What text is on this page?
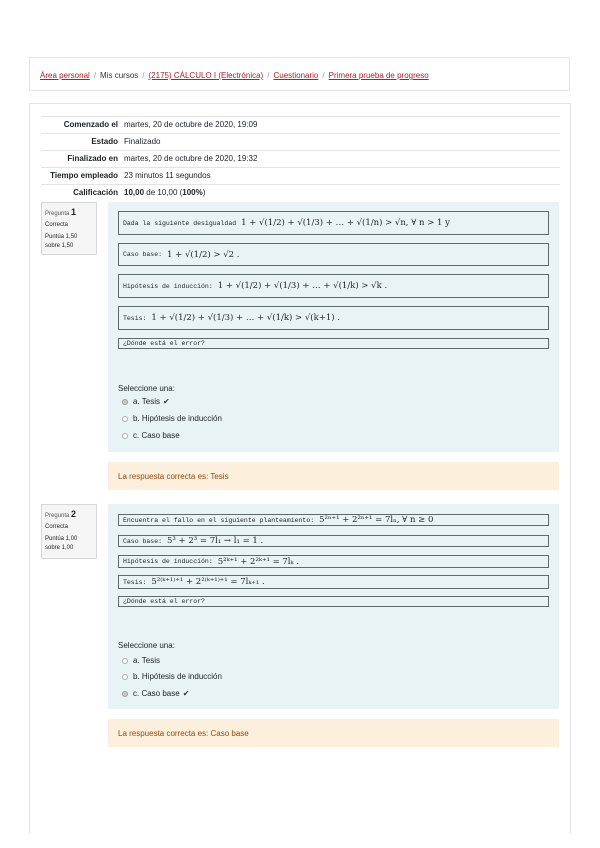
Área personal / Mis cursos / (2175) CÁLCULO I (Electrónica) / Cuestionario / Primera prueba de progreso
Comenzado el martes, 20 de octubre de 2020, 19:09
Estado Finalizado
Finalizado en martes, 20 de octubre de 2020, 19:32
Tiempo empleado 23 minutos 11 segundos
Calificación 10,00 de 10,00 (100%)
Pregunta 1
Correcta
Puntúa 1,50 sobre 1,50
Dada la siguiente desigualdad 1 + √(1/2) + √(1/3) + … + √(1/n) > √n, ∀ n > 1 y
Caso base: 1 + √(1/2) > √2 .
Hipótesis de inducción: 1 + √(1/2) + √(1/3) + … + √(1/k) > √k .
Tesis: 1 + √(1/2) + √(1/3) + … + √(1/k) > √(k+1) .
¿Dónde está el error?
Seleccione una:
a. Tesis ✔
b. Hipótesis de inducción
c. Caso base
La respuesta correcta es: Tesis
Pregunta 2
Correcta
Puntúa 1,00 sobre 1,00
Encuentra el fallo en el siguiente planteamiento: 5²ⁿ⁺¹ + 2²ⁿ⁺¹ = 7lₙ, ∀ n ≥ 0
Caso base: 5³ + 2³ = 7l₁ → l₁ = 1 .
Hipótesis de inducción: 5²ᵏ⁺¹ + 2²ᵏ⁺¹ = 7lₖ .
Tesis: 5²⁽ᵏ⁺¹⁾⁺¹ + 2²⁽ᵏ⁺¹⁾⁺¹ = 7lₖ₊₁ .
¿Dónde está el error?
Seleccione una:
a. Tesis
b. Hipótesis de inducción
c. Caso base ✔
La respuesta correcta es: Caso base
